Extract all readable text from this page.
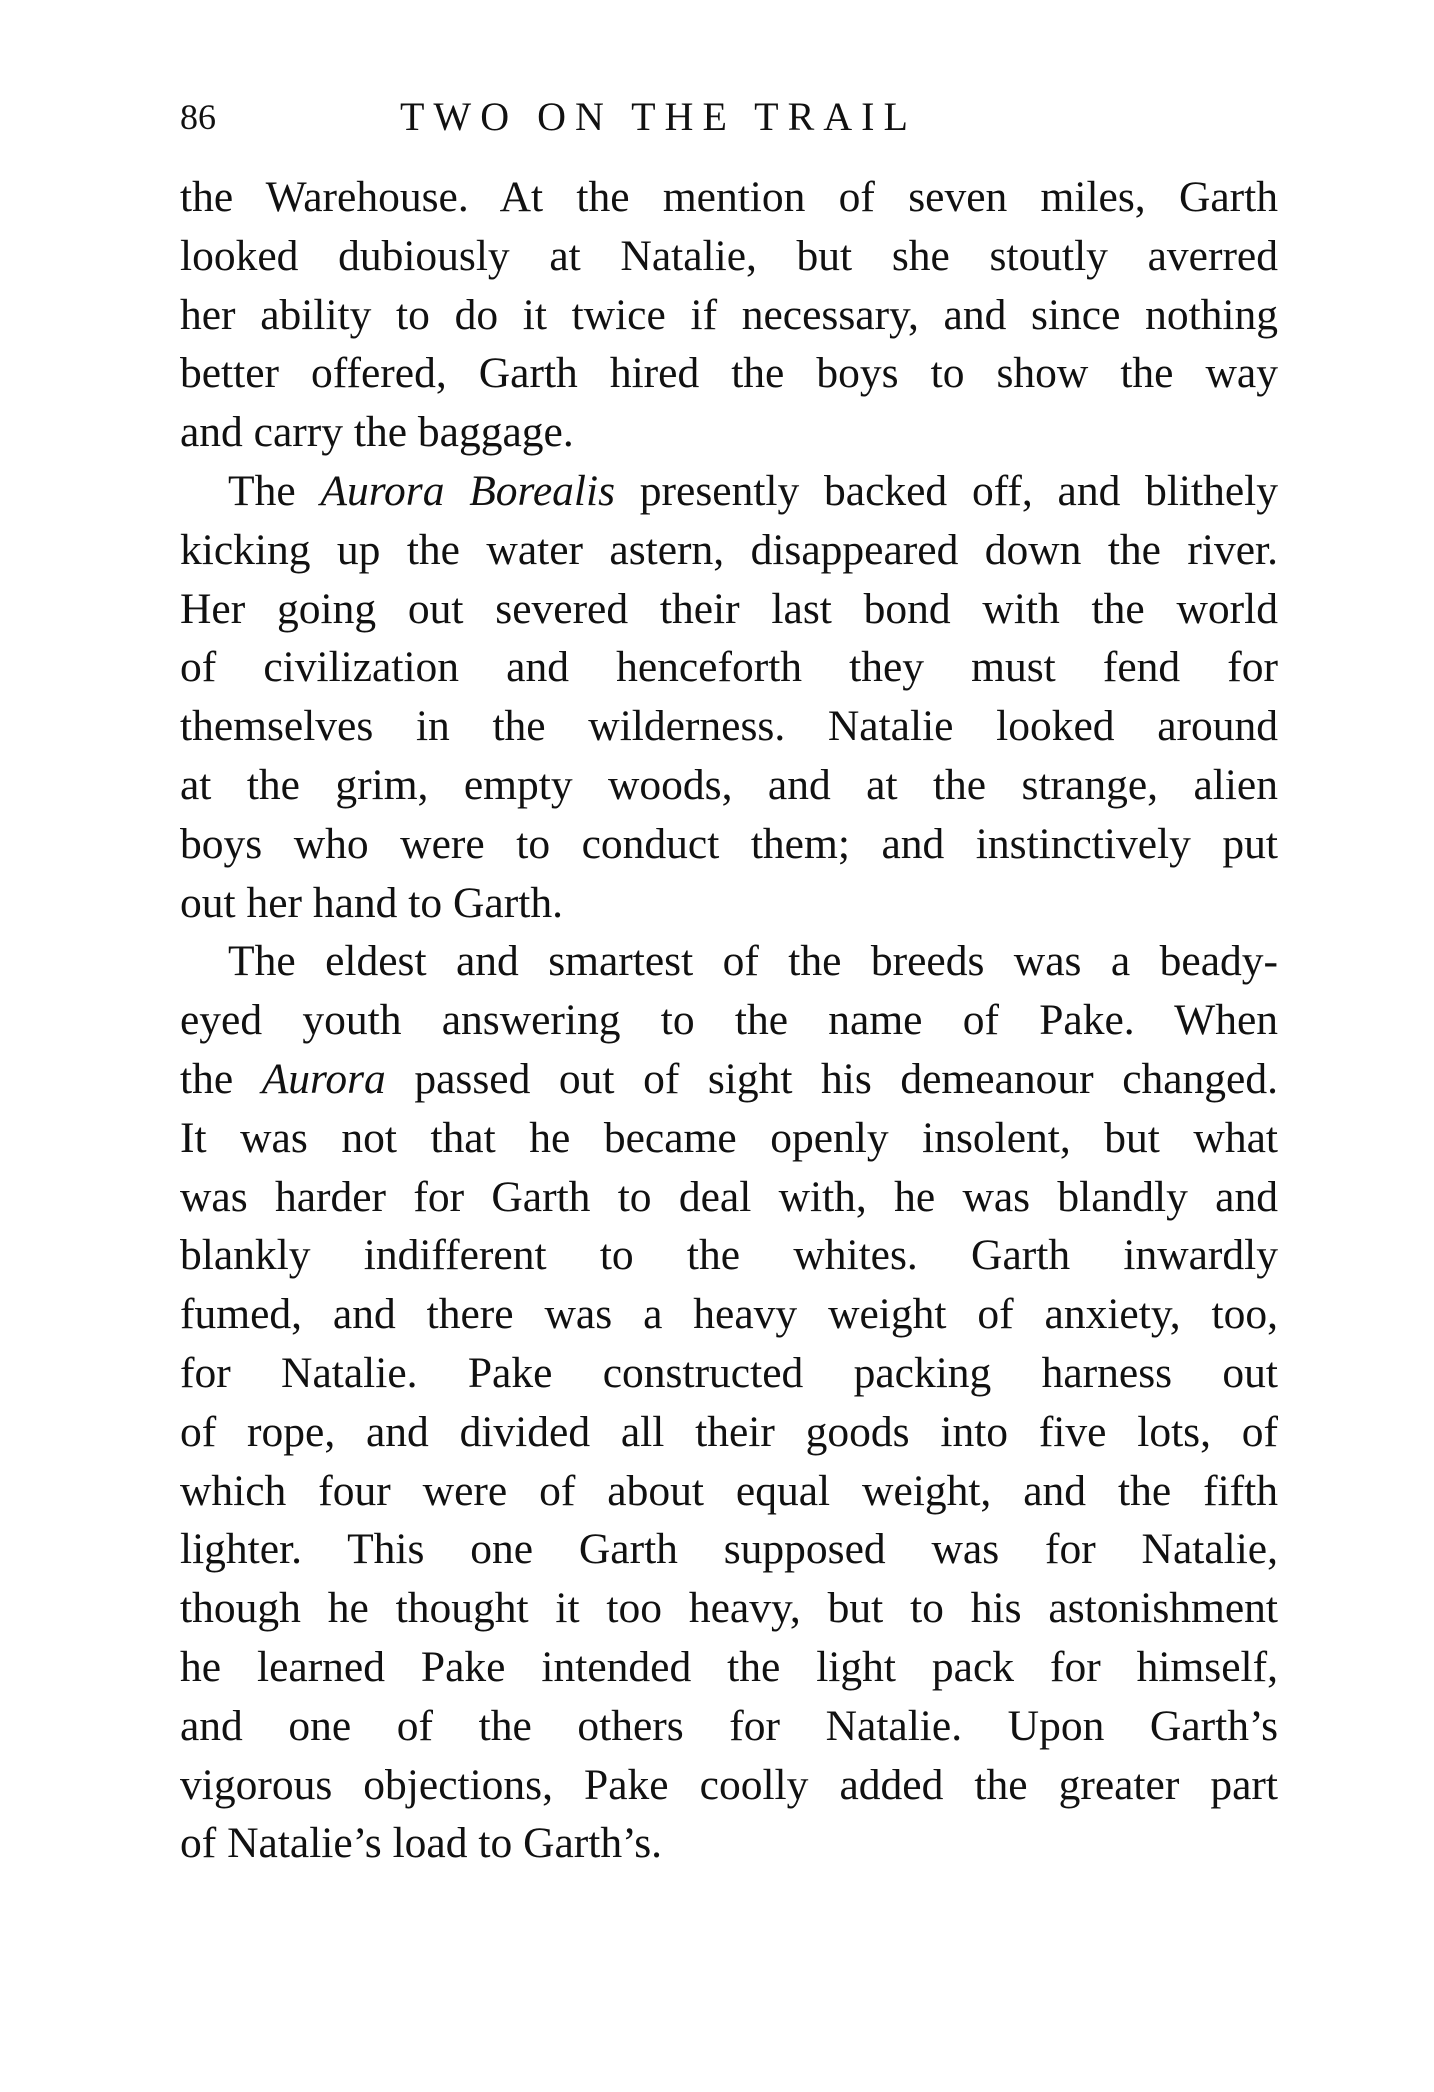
86	TWO ON THE TRAIL

the Warehouse. At the mention of seven miles, Garth
looked dubiously at Natalie, but she stoutly averred
her ability to do it twice if necessary, and since nothing
better offered, Garth hired the boys to show the way
and carry the baggage.

The Aurora Borealis presently backed off, and blithely
kicking up the water astern, disappeared down the river.
Her going out severed their last bond with the world
of civilization and henceforth they must fend for
themselves in the wilderness. Natalie looked around
at the grim, empty woods, and at the strange, alien
boys who were to conduct them; and instinctively put
out her hand to Garth.

The eldest and smartest of the breeds was a beady-
eyed youth answering to the name of Pake. When
the Aurora passed out of sight his demeanour changed.
It was not that he became openly insolent, but what
was harder for Garth to deal with, he was blandly and
blankly indifferent to the whites. Garth inwardly
fumed, and there was a heavy weight of anxiety, too,
for Natalie. Pake constructed packing harness out
of rope, and divided all their goods into five lots, of
which four were of about equal weight, and the fifth
lighter. This one Garth supposed was for Natalie,
though he thought it too heavy, but to his astonishment
he learned Pake intended the light pack for himself,
and one of the others for Natalie. Upon Garth’s
vigorous objections, Pake coolly added the greater part
of Natalie’s load to Garth’s.
